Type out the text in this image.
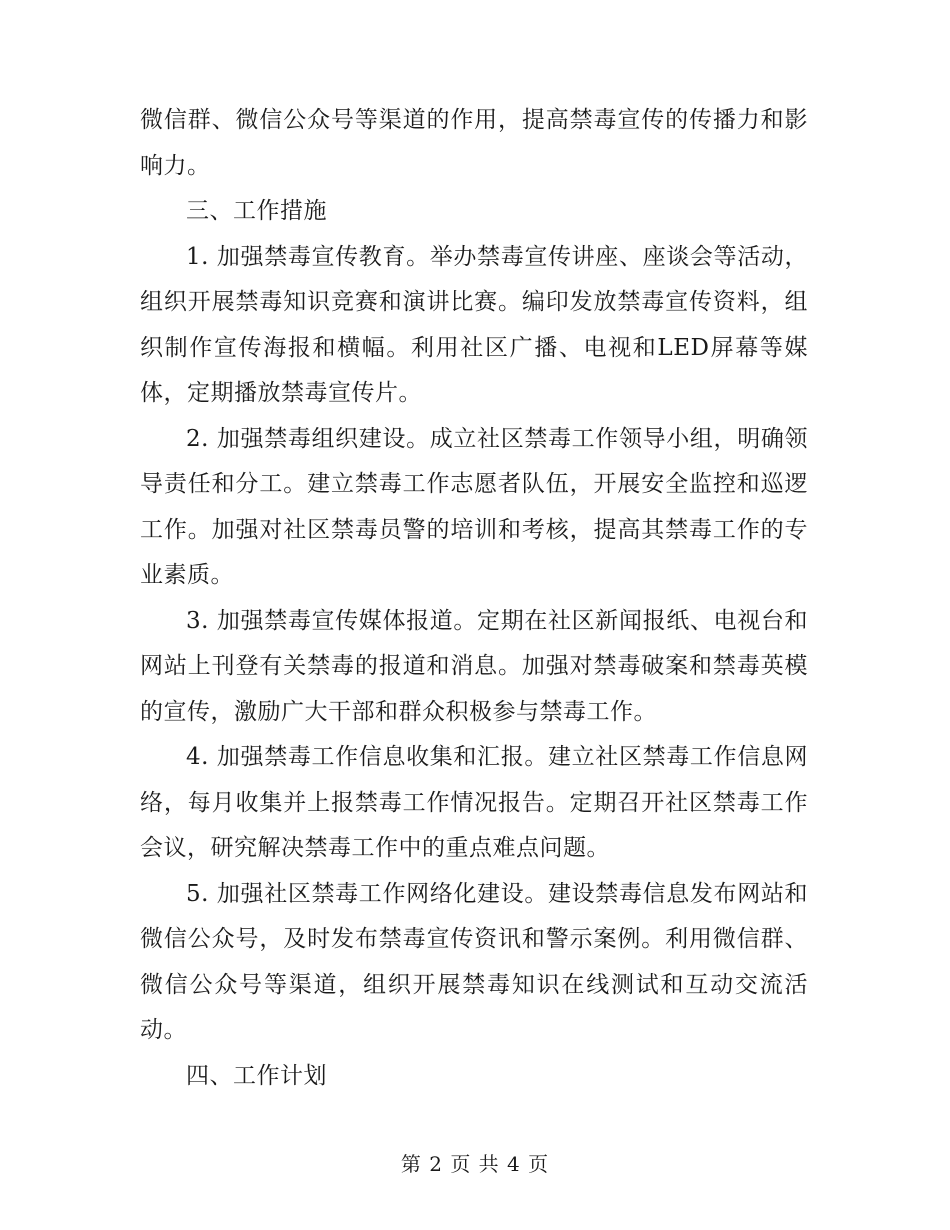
微信群、微信公众号等渠道的作用，提高禁毒宣传的传播力和影响力。

三、工作措施

1. 加强禁毒宣传教育。举办禁毒宣传讲座、座谈会等活动，组织开展禁毒知识竞赛和演讲比赛。编印发放禁毒宣传资料，组织制作宣传海报和横幅。利用社区广播、电视和LED屏幕等媒体，定期播放禁毒宣传片。

2. 加强禁毒组织建设。成立社区禁毒工作领导小组，明确领导责任和分工。建立禁毒工作志愿者队伍，开展安全监控和巡逻工作。加强对社区禁毒员警的培训和考核，提高其禁毒工作的专业素质。

3. 加强禁毒宣传媒体报道。定期在社区新闻报纸、电视台和网站上刊登有关禁毒的报道和消息。加强对禁毒破案和禁毒英模的宣传，激励广大干部和群众积极参与禁毒工作。

4. 加强禁毒工作信息收集和汇报。建立社区禁毒工作信息网络，每月收集并上报禁毒工作情况报告。定期召开社区禁毒工作会议，研究解决禁毒工作中的重点难点问题。

5. 加强社区禁毒工作网络化建设。建设禁毒信息发布网站和微信公众号，及时发布禁毒宣传资讯和警示案例。利用微信群、微信公众号等渠道，组织开展禁毒知识在线测试和互动交流活动。

四、工作计划

第 2 页 共 4 页
